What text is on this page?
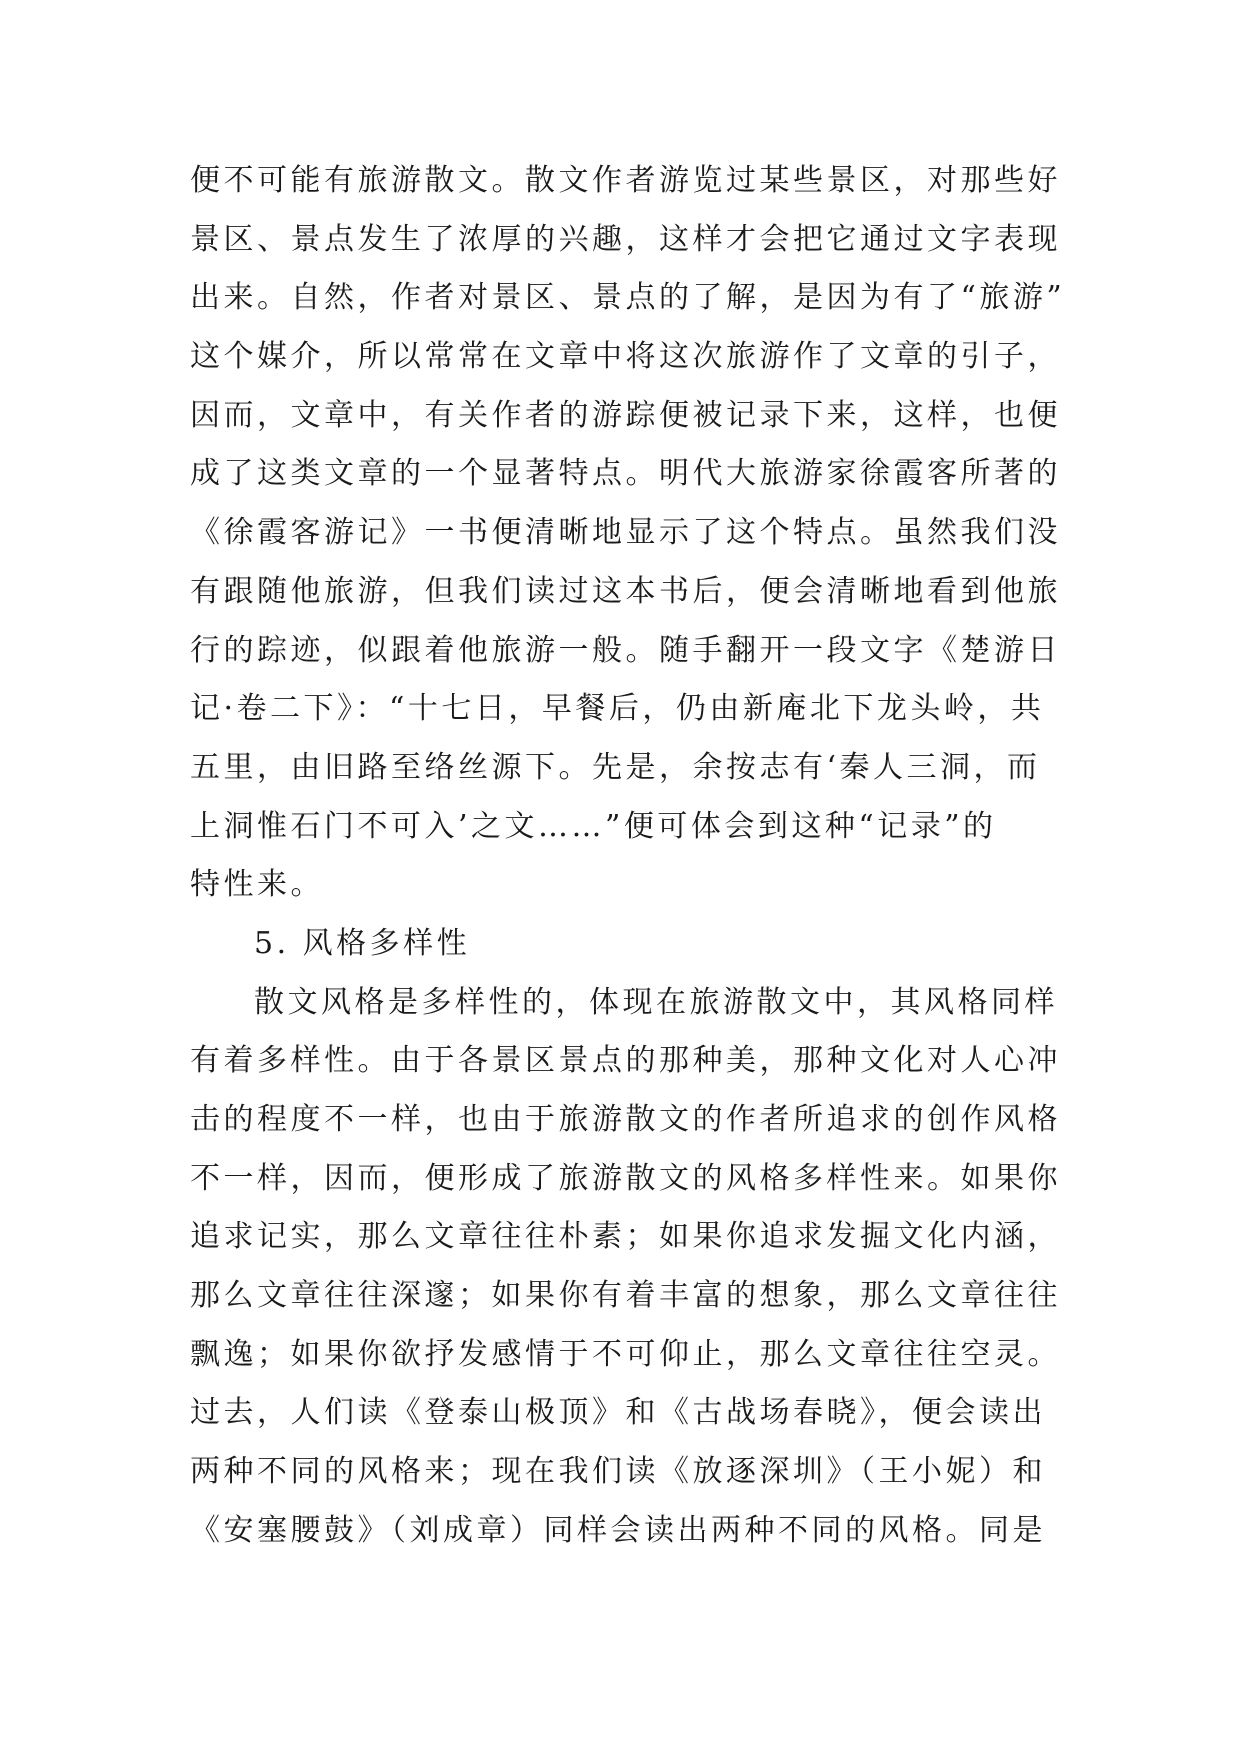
便不可能有旅游散文。散文作者游览过某些景区，对那些好
景区、景点发生了浓厚的兴趣，这样才会把它通过文字表现
出来。自然，作者对景区、景点的了解，是因为有了“旅游”
这个媒介，所以常常在文章中将这次旅游作了文章的引子，
因而，文章中，有关作者的游踪便被记录下来，这样，也便
成了这类文章的一个显著特点。明代大旅游家徐霞客所著的
《徐霞客游记》一书便清晰地显示了这个特点。虽然我们没
有跟随他旅游，但我们读过这本书后，便会清晰地看到他旅
行的踪迹，似跟着他旅游一般。随手翻开一段文字《楚游日
记·卷二下》：“十七日，早餐后，仍由新庵北下龙头岭，共
五里，由旧路至络丝源下。先是，余按志有‘秦人三洞，而
上洞惟石门不可入’之文……”便可体会到这种“记录”的
特性来。
5. 风格多样性
散文风格是多样性的，体现在旅游散文中，其风格同样
有着多样性。由于各景区景点的那种美，那种文化对人心冲
击的程度不一样，也由于旅游散文的作者所追求的创作风格
不一样，因而，便形成了旅游散文的风格多样性来。如果你
追求记实，那么文章往往朴素；如果你追求发掘文化内涵，
那么文章往往深邃；如果你有着丰富的想象，那么文章往往
飘逸；如果你欲抒发感情于不可仰止，那么文章往往空灵。
过去，人们读《登泰山极顶》和《古战场春晓》，便会读出
两种不同的风格来；现在我们读《放逐深圳》（王小妮）和
《安塞腰鼓》（刘成章）同样会读出两种不同的风格。同是
